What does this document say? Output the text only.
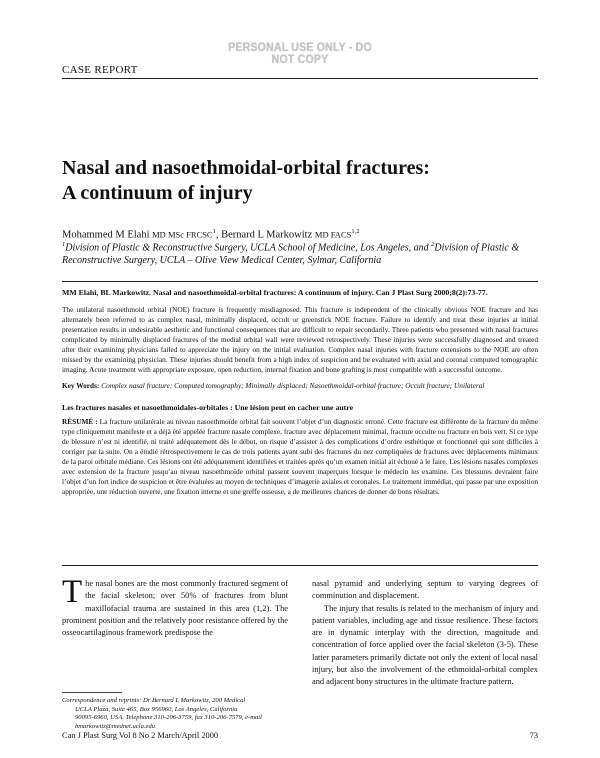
PERSONAL USE ONLY - DO NOT COPY
CASE REPORT
Nasal and nasoethmoidal-orbital fractures:
A continuum of injury
Mohammed M Elahi MD MSc FRCSC$^1$, Bernard L Markowitz MD FACS$^{1,2}$
$^1$Division of Plastic & Reconstructive Surgery, UCLA School of Medicine, Los Angeles, and $^2$Division of Plastic & Reconstructive Surgery, UCLA – Olive View Medical Center, Sylmar, California
MM Elahi, BL Markowitz. Nasal and nasoethmoidal-orbital fractures: A continuum of injury. Can J Plast Surg 2000;8(2):73-77.
The unilateral nasoethmoid orbital (NOE) fracture is frequently misdiagnosed. This fracture is independent of the clinically obvious NOE fracture and has alternately been referred to as complex nasal, minimally displaced, occult or greenstick NOE fracture. Failure to identify and treat these injuries at initial presentation results in undesirable aesthetic and functional consequences that are difficult to repair secondarily. Three patients who presented with nasal fractures complicated by minimally displaced fractures of the medial orbital wall were reviewed retrospectively. These injuries were successfully diagnosed and treated after their examining physicians failed to appreciate the injury on the initial evaluation. Complex nasal injuries with fracture extensions to the NOE are often missed by the examining physician. These injuries should benefit from a high index of suspicion and be evaluated with axial and coronal computed tomographic imaging. Acute treatment with appropriate exposure, open reduction, internal fixation and bone grafting is most compatible with a successful outcome.
Key Words: Complex nasal fracture; Computed tomography; Minimally displaced; Nasoethmoidal-orbital fracture; Occult fracture; Unilateral
Les fractures nasales et nasoethmoidales-orbitales : Une lésion peut en cacher une autre
RÉSUMÉ : La fracture unilatérale au niveau nasoethmoïde orbital fait souvent l’objet d’un diagnostic erroné. Cette fracture est différente de la fracture du même type cliniquement manifeste et a déjà été appelée fracture nasale complexe, fracture avec déplacement minimal, fracture occulte ou fracture en bois vert. Si ce type de blessure n’est ni identifié, ni traité adéquatement dès le début, on risque d’assister à des complications d’ordre esthétique et fonctionnel qui sont difficiles à corriger par la suite. On a étudié rétrospectivement le cas de trois patients ayant subi des fractures du nez compliquées de fractures avec déplacements minimaux de la paroi orbitale médiane. Ces lésions ont été adéquatement identifiées et traitées après qu’un examen initial ait échoué à le faire. Les lésions nasales complexes avec extension de la fracture jusqu’au niveau nasoethmoïde orbital passent souvent inaperçues lorsque le médecin les examine. Ces blessures devraient faire l’objet d’un fort indice de suspicion et être évaluées au moyen de techniques d’imagerie axiales et coronales. Le traitement immédiat, qui passe par une exposition appropriée, une réduction ouverte, une fixation interne et une greffe osseuse, a de meilleures chances de donner de bons résultats.

The nasal bones are the most commonly fractured segment of the facial skeleton; over 50% of fractures from blunt maxillofacial trauma are sustained in this area (1,2). The prominent position and the relatively poor resistance offered by the osseocartilaginous framework predispose the

Correspondence and reprints: Dr Bernard L Markowitz, 200 Medical

UCLA Plaza, Suite 465, Box 956960, Los Angeles, California

90095-6960, USA. Telephone 310-206-3759, fax 310-206-7579, e-mail

bmarkowitz@mednet.ucla.edu

nasal pyramid and underlying septum to varying degrees of comminution and displacement.

The injury that results is related to the mechanism of injury and patient variables, including age and tissue resilience. These factors are in dynamic interplay with the direction, magnitude and concentration of force applied over the facial skeleton (3-5). These latter parameters primarily dictate not only the extent of local nasal injury, but also the involvement of the ethmoidal-orbital complex and adjacent bony structures in the ultimate fracture pattern.

Can J Plast Surg Vol 8 No 2 March/April 2000	73
